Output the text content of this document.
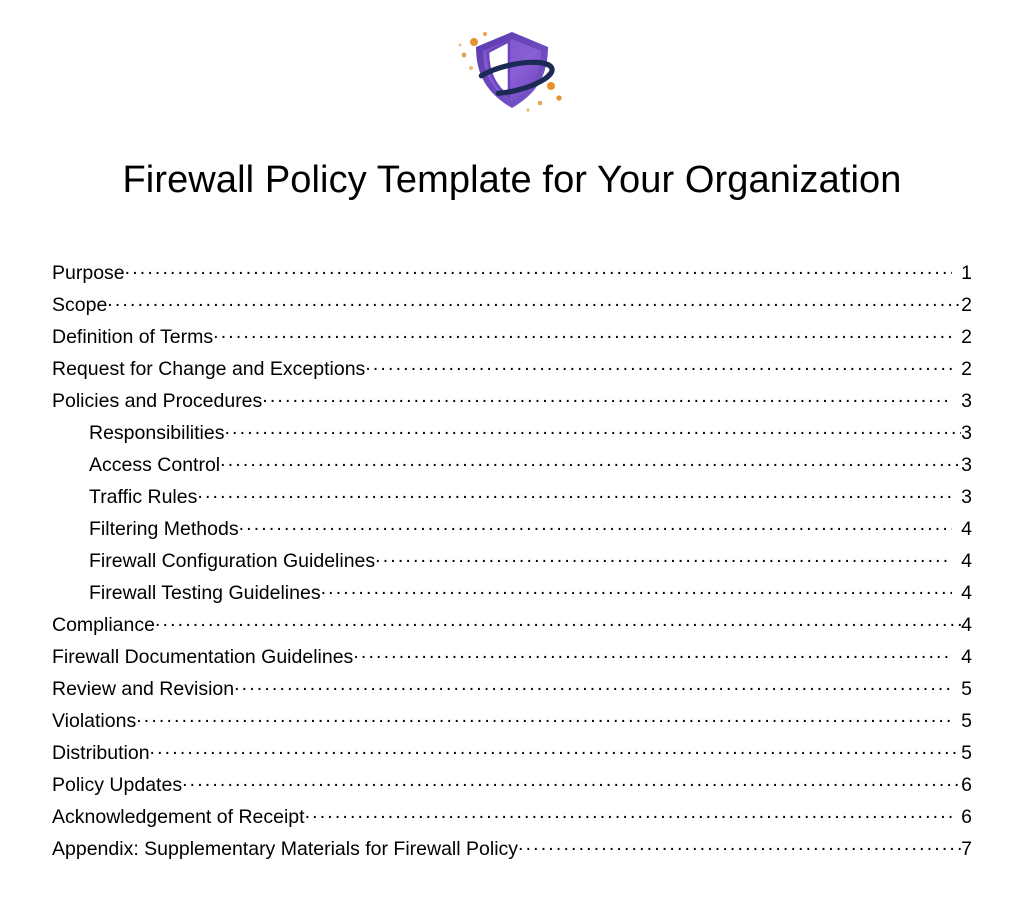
Firewall Policy Template for Your Organization
Purpose .....	1
Scope .....	2
Definition of Terms .....	2
Request for Change and Exceptions .....	2
Policies and Procedures .....	3
Responsibilities .....	3
Access Control .....	3
Traffic Rules .....	3
Filtering Methods .....	4
Firewall Configuration Guidelines .....	4
Firewall Testing Guidelines .....	4
Compliance .....	4
Firewall Documentation Guidelines .....	4
Review and Revision .....	5
Violations .....	5
Distribution .....	5
Policy Updates .....	6
Acknowledgement of Receipt .....	6
Appendix: Supplementary Materials for Firewall Policy .....	7
